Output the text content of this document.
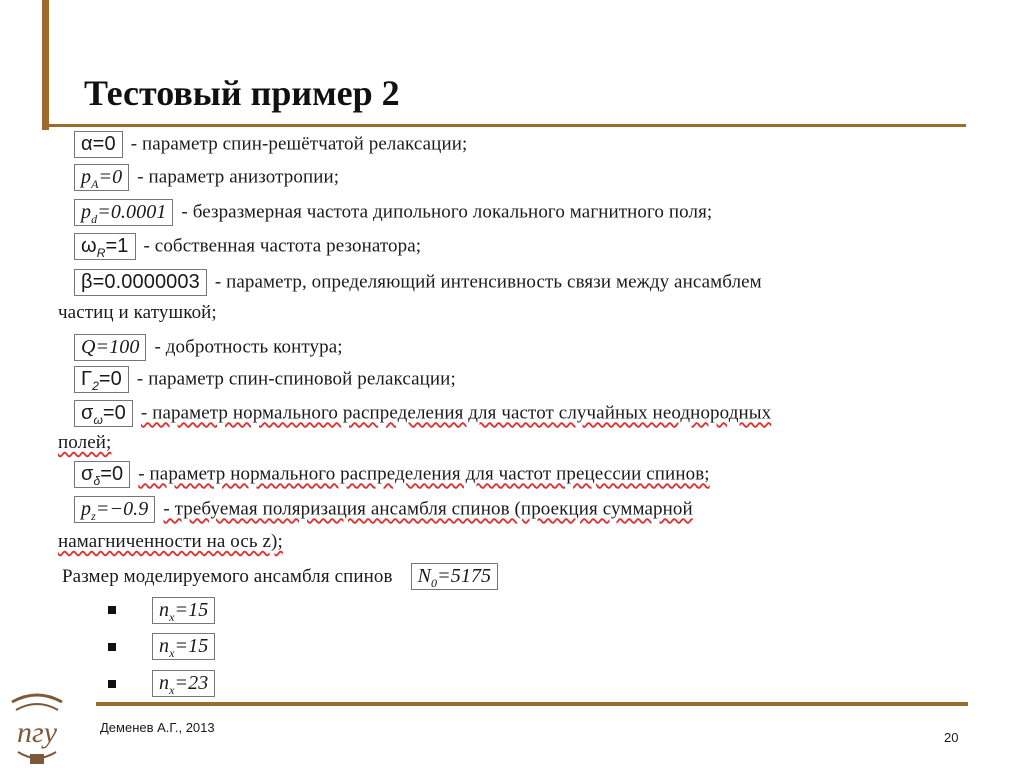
Тестовый пример 2
α=0 - параметр спин-решётчатой релаксации;
$p_A=0$ - параметр анизотропии;
$p_d=0.0001$ - безразмерная частота дипольного локального магнитного поля;
$\omega_R=1$ - собственная частота резонатора;
β=0.0000003 - параметр, определяющий интенсивность связи между ансамблем
частиц и катушкой;
Q=100 - добротность контура;
$\Gamma_2=0$ - параметр спин-спиновой релаксации;
$\sigma_\omega=0$ - параметр нормального распределения для частот случайных неоднородных
полей;
$\sigma_\delta=0$ - параметр нормального распределения для частот прецессии спинов;
$p_z=-0.9$ - требуемая поляризация ансамбля спинов (проекция суммарной
намагниченности на ось z);
Размер моделируемого ансамбля спинов $N_0=5175$
$n_x=15$
$n_x=15$
$n_x=23$
пгу	Деменев А.Г., 2013
20
